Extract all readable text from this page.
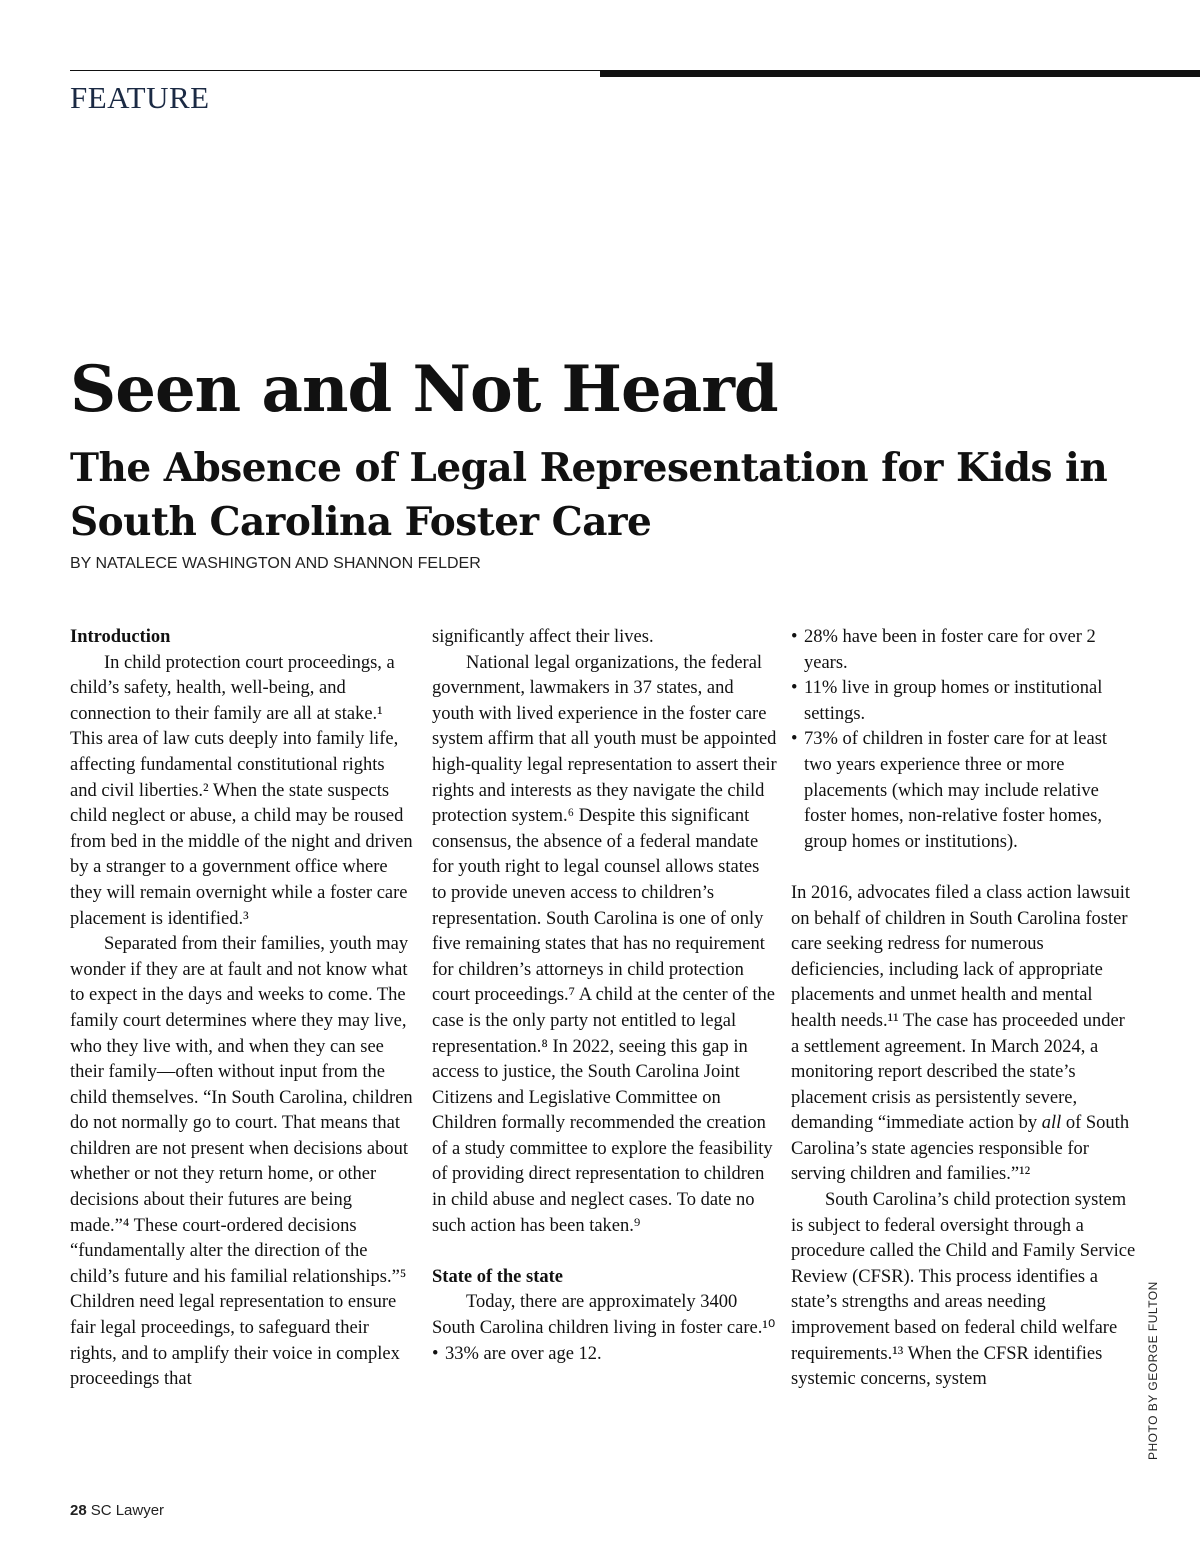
FEATURE
Seen and Not Heard
The Absence of Legal Representation for Kids in South Carolina Foster Care
BY NATALECE WASHINGTON AND SHANNON FELDER
Introduction

In child protection court proceedings, a child’s safety, health, well-being, and connection to their family are all at stake.¹ This area of law cuts deeply into family life, affecting fundamental constitutional rights and civil liberties.² When the state suspects child neglect or abuse, a child may be roused from bed in the middle of the night and driven by a stranger to a government office where they will remain overnight while a foster care placement is identified.³

Separated from their families, youth may wonder if they are at fault and not know what to expect in the days and weeks to come. The family court determines where they may live, who they live with, and when they can see their family—often without input from the child themselves. “In South Carolina, children do not normally go to court. That means that children are not present when decisions about whether or not they return home, or other decisions about their futures are being made.”⁴ These court-ordered decisions “fundamentally alter the direction of the child’s future and his familial relationships.”⁵ Children need legal representation to ensure fair legal proceedings, to safeguard their rights, and to amplify their voice in complex proceedings that

significantly affect their lives.

National legal organizations, the federal government, lawmakers in 37 states, and youth with lived experience in the foster care system affirm that all youth must be appointed high-quality legal representation to assert their rights and interests as they navigate the child protection system.⁶ Despite this significant consensus, the absence of a federal mandate for youth right to legal counsel allows states to provide uneven access to children’s representation. South Carolina is one of only five remaining states that has no requirement for children’s attorneys in child protection court proceedings.⁷ A child at the center of the case is the only party not entitled to legal representation.⁸ In 2022, seeing this gap in access to justice, the South Carolina Joint Citizens and Legislative Committee on Children formally recommended the creation of a study committee to explore the feasibility of providing direct representation to children in child abuse and neglect cases. To date no such action has been taken.⁹

State of the state

Today, there are approximately 3400 South Carolina children living in foster care.¹⁰

• 33% are over age 12.
• 28% have been in foster care for over 2 years.
• 11% live in group homes or institutional settings.
• 73% of children in foster care for at least two years experience three or more placements (which may include relative foster homes, non-relative foster homes, group homes or institutions).

In 2016, advocates filed a class action lawsuit on behalf of children in South Carolina foster care seeking redress for numerous deficiencies, including lack of appropriate placements and unmet health and mental health needs.¹¹ The case has proceeded under a settlement agreement. In March 2024, a monitoring report described the state’s placement crisis as persistently severe, demanding “immediate action by all of South Carolina’s state agencies responsible for serving children and families.”¹²

South Carolina’s child protection system is subject to federal oversight through a procedure called the Child and Family Service Review (CFSR). This process identifies a state’s strengths and areas needing improvement based on federal child welfare requirements.¹³ When the CFSR identifies systemic concerns, system	PHOTO BY GEORGE FULTON
28 SC Lawyer
